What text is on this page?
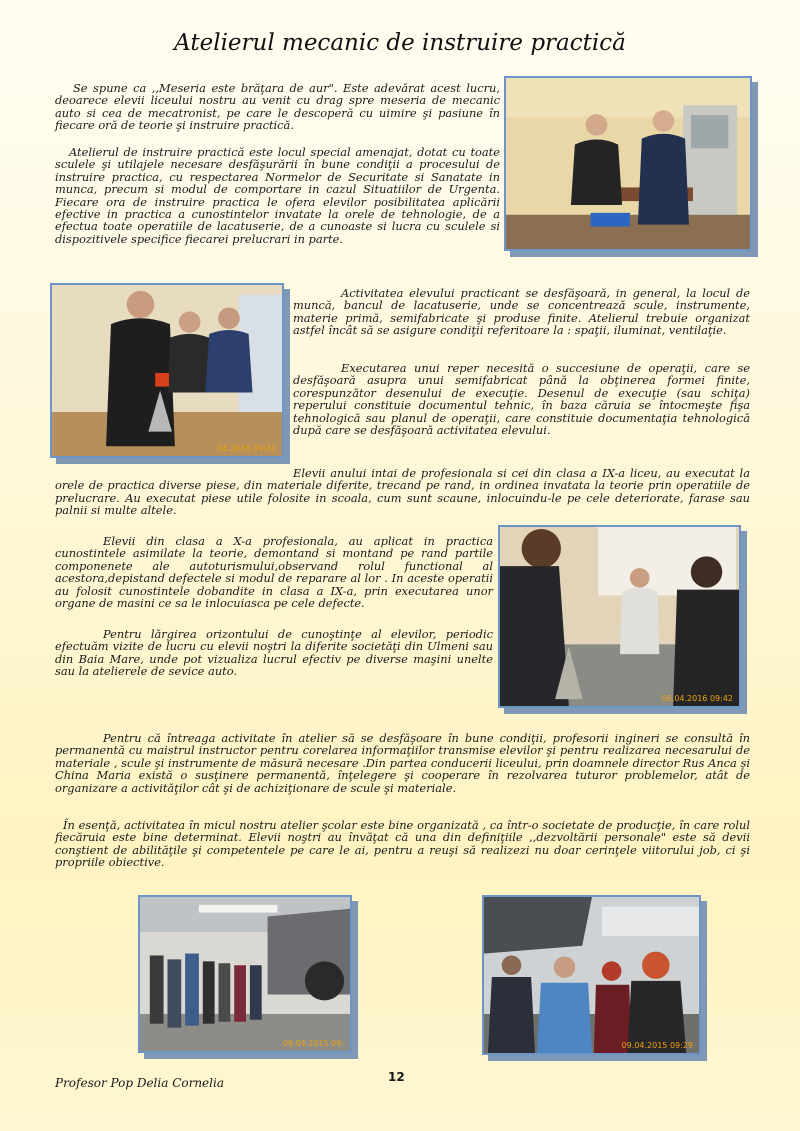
Atelierul mecanic de instruire practică

Se spune ca ,,Meseria este brăţara de aur". Este adevărat acest lucru, deoarece elevii liceului nostru au venit cu drag spre meseria de mecanic auto si cea de mecatronist, pe care le descoperă cu uimire şi pasiune în fiecare oră de teorie şi instruire practică.

Atelierul de instruire practică este locul special amenajat, dotat cu toate sculele şi utilajele necesare desfăşurării în bune condiţii a procesului de instruire practica, cu respectarea Normelor de Securitate si Sanatate in munca, precum si modul de comportare in cazul Situatiilor de Urgenta. Fiecare ora de instruire practica le ofera elevilor posibilitatea aplicării efective in practica a cunostintelor invatate la orele de tehnologie, de a efectua toate operatiile de lacatuserie, de a cunoaste si lucra cu sculele si dispozitivele specifice fiecarei prelucrari in parte.

04.2016 09:42

Activitatea elevului practicant se desfăşoară, in general, la locul de muncă, bancul de lacatuserie, unde se concentrează scule, instrumente, materie primă, semifabricate şi produse finite. Atelierul trebuie organizat astfel încât să se asigure condiţii referitoare la : spaţii, iluminat, ventilaţie.

Executarea unui reper necesită o succesiune de operaţii, care se desfăşoară asupra unui semifabricat până la obţinerea formei finite, corespunzător desenului de execuţie. Desenul de execuţie (sau schiţa) reperului constituie documentul tehnic, în baza căruia se întocmeşte fişa tehnologică sau planul de operaţii, care constituie documentaţia tehnologică după care se desfăşoară activitatea elevului.

Elevii anului intai de profesionala si cei din clasa a IX-a liceu, au executat la orele de practica diverse piese, din materiale diferite, trecand pe rand, in ordinea invatata la teorie prin operatiile de prelucrare. Au executat piese utile folosite in scoala, cum sunt scaune, inlocuindu-le pe cele deteriorate, farase sau palnii si multe altele.

06.04.2016 09:42

Elevii din clasa a X-a profesionala, au aplicat in practica cunostintele asimilate la teorie, demontand si montand pe rand partile componenete ale autoturismului,observand rolul functional al acestora,depistand defectele si modul de reparare al lor . In aceste operatii au folosit cunostintele dobandite in clasa a IX-a, prin executarea unor organe de masini ce sa le inlocuiasca pe cele defecte.

Pentru lărgirea orizontului de cunoştinţe al elevilor, periodic efectuăm vizite de lucru cu elevii noştri la diferite societăţi din Ulmeni sau din Baia Mare, unde pot vizualiza lucrul efectiv pe diverse maşini unelte sau la atelierele de sevice auto.

Pentru că întreaga activitate în atelier să se desfăşoare în bune condiţii, profesorii ingineri se consultă în permanentă cu maistrul instructor pentru corelarea informaţiilor transmise elevilor şi pentru realizarea necesarului de materiale , scule şi instrumente de măsură necesare .Din partea conducerii liceului, prin doamnele director Rus Anca şi China Maria există o susţinere permanentă, înţelegere şi cooperare în rezolvarea tuturor problemelor, atât de organizare a activităţilor cât şi de achiziţionare de scule şi materiale.

În esenţă, activitatea în micul nostru atelier şcolar este bine organizată , ca într-o societate de producţie, în care rolul fiecăruia este bine determinat. Elevii noştri au învăţat că una din definiţiile ,,dezvoltării personale" este să devii conştient de abilităţile şi competentele pe care le ai, pentru a reuşi să realizezi nu doar cerinţele viitorului job, ci şi propriile obiective.

09.04.2015 09:	09.04.2015 09:29

Profesor Pop Delia Cornelia	12
